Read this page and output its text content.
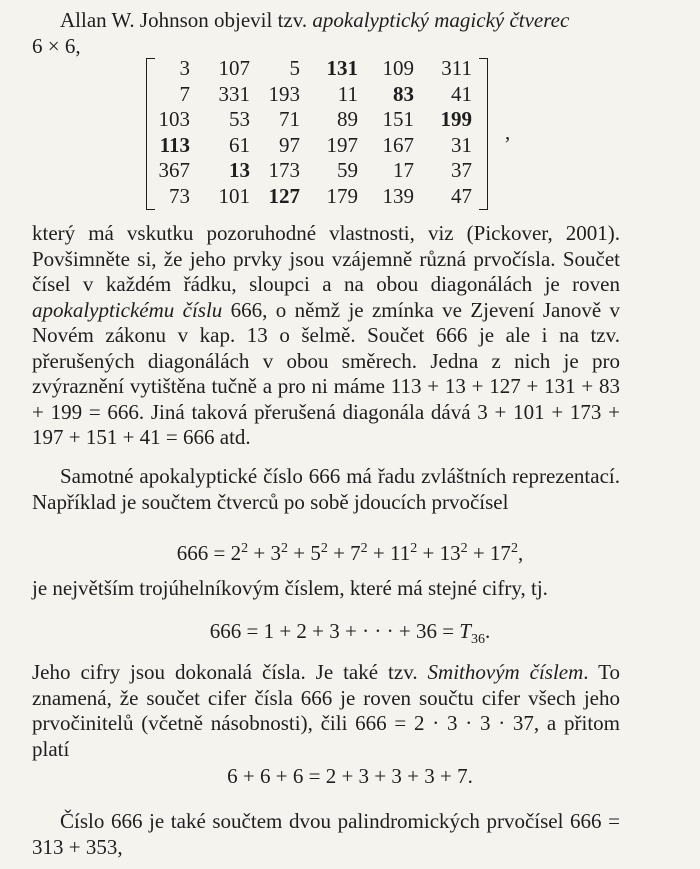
Allan W. Johnson objevil tzv. apokalyptický magický čtverec
6 × 6,
3	107	5	131	109	311
7	331	193	11	83	41
103	53	71	89	151	199
113	61	97	197	167	31
367	13	173	59	17	37
73	101	127	179	139	47
,
který má vskutku pozoruhodné vlastnosti, viz (Pickover, 2001). Povšimněte si, že jeho prvky jsou vzájemně různá prvočísla. Součet čísel v každém řádku, sloupci a na obou diagonálách je roven apokalyptickému číslu 666, o němž je zmínka ve Zjevení Janově v Novém zákonu v kap. 13 o šelmě. Součet 666 je ale i na tzv. přerušených diagonálách v obou směrech. Jedna z nich je pro zvýraznění vytištěna tučně a pro ni máme 113 + 13 + 127 + 131 + 83 + 199 = 666. Jiná taková přerušená diagonála dává 3 + 101 + 173 + 197 + 151 + 41 = 666 atd.
Samotné apokalyptické číslo 666 má řadu zvláštních reprezentací. Například je součtem čtverců po sobě jdoucích prvočísel
$666 = 2^2 + 3^2 + 5^2 + 7^2 + 11^2 + 13^2 + 17^2$,
je největším trojúhelníkovým číslem, které má stejné cifry, tj.
666 = 1 + 2 + 3 + · · · + $36 = T_{36}$.
Jeho cifry jsou dokonalá čísla. Je také tzv. Smithovým číslem. To znamená, že součet cifer čísla 666 je roven součtu cifer všech jeho prvočinitelů (včetně násobnosti), čili 666 = 2 · 3 · 3 · 37, a přitom platí
6 + 6 + 6 = 2 + 3 + 3 + 3 + 7.
Číslo 666 je také součtem dvou palindromických prvočísel 666 = 313 + 353,
